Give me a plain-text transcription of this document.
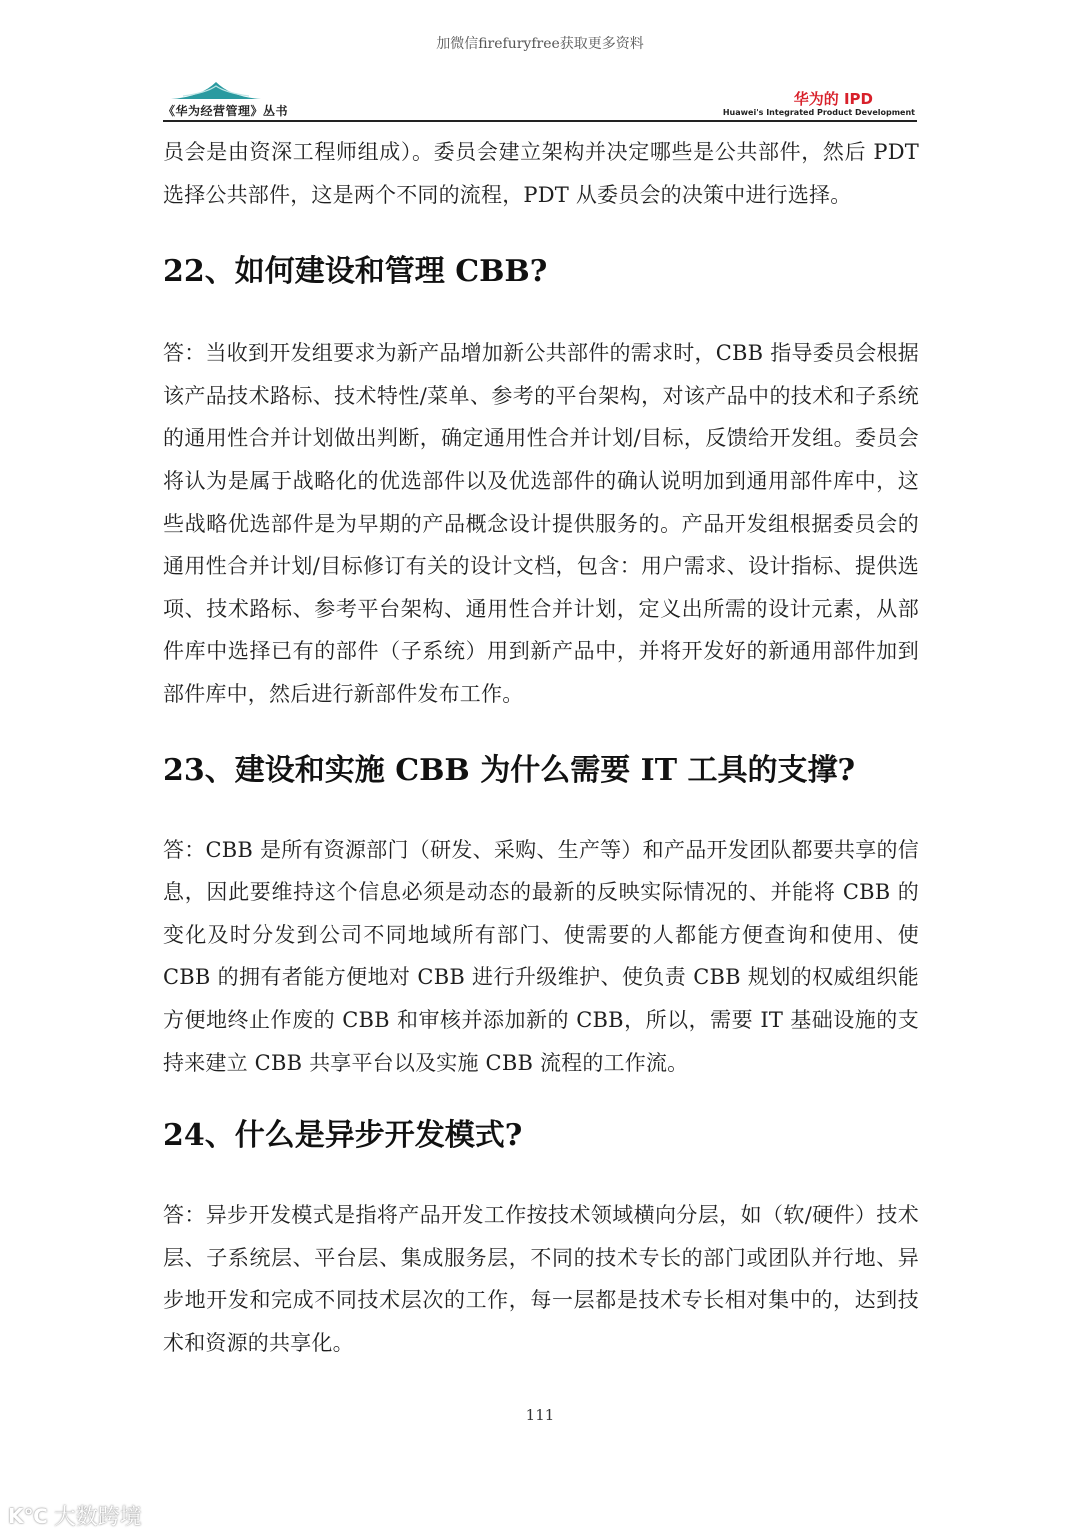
加微信firefuryfree获取更多资料
《华为经营管理》丛书
华为的 IPD
Huawei's Integrated Product Development

员会是由资深工程师组成）。委员会建立架构并决定哪些是公共部件，然后 PDT 选择公共部件，这是两个不同的流程，PDT 从委员会的决策中进行选择。

22、如何建设和管理 CBB?

答：当收到开发组要求为新产品增加新公共部件的需求时，CBB 指导委员会根据该产品技术路标、技术特性/菜单、参考的平台架构，对该产品中的技术和子系统的通用性合并计划做出判断，确定通用性合并计划/目标，反馈给开发组。委员会将认为是属于战略化的优选部件以及优选部件的确认说明加到通用部件库中，这些战略优选部件是为早期的产品概念设计提供服务的。产品开发组根据委员会的通用性合并计划/目标修订有关的设计文档，包含：用户需求、设计指标、提供选项、技术路标、参考平台架构、通用性合并计划，定义出所需的设计元素，从部件库中选择已有的部件（子系统）用到新产品中，并将开发好的新通用部件加到部件库中，然后进行新部件发布工作。

23、建设和实施 CBB 为什么需要 IT 工具的支撑?

答：CBB 是所有资源部门（研发、采购、生产等）和产品开发团队都要共享的信息，因此要维持这个信息必须是动态的最新的反映实际情况的、并能将 CBB 的变化及时分发到公司不同地域所有部门、使需要的人都能方便查询和使用、使 CBB 的拥有者能方便地对 CBB 进行升级维护、使负责 CBB 规划的权威组织能方便地终止作废的 CBB 和审核并添加新的 CBB，所以，需要 IT 基础设施的支持来建立 CBB 共享平台以及实施 CBB 流程的工作流。

24、什么是异步开发模式?

答：异步开发模式是指将产品开发工作按技术领域横向分层，如（软/硬件）技术层、子系统层、平台层、集成服务层，不同的技术专长的部门或团队并行地、异步地开发和完成不同技术层次的工作，每一层都是技术专长相对集中的，达到技术和资源的共享化。

111
K℃ 大数跨境
